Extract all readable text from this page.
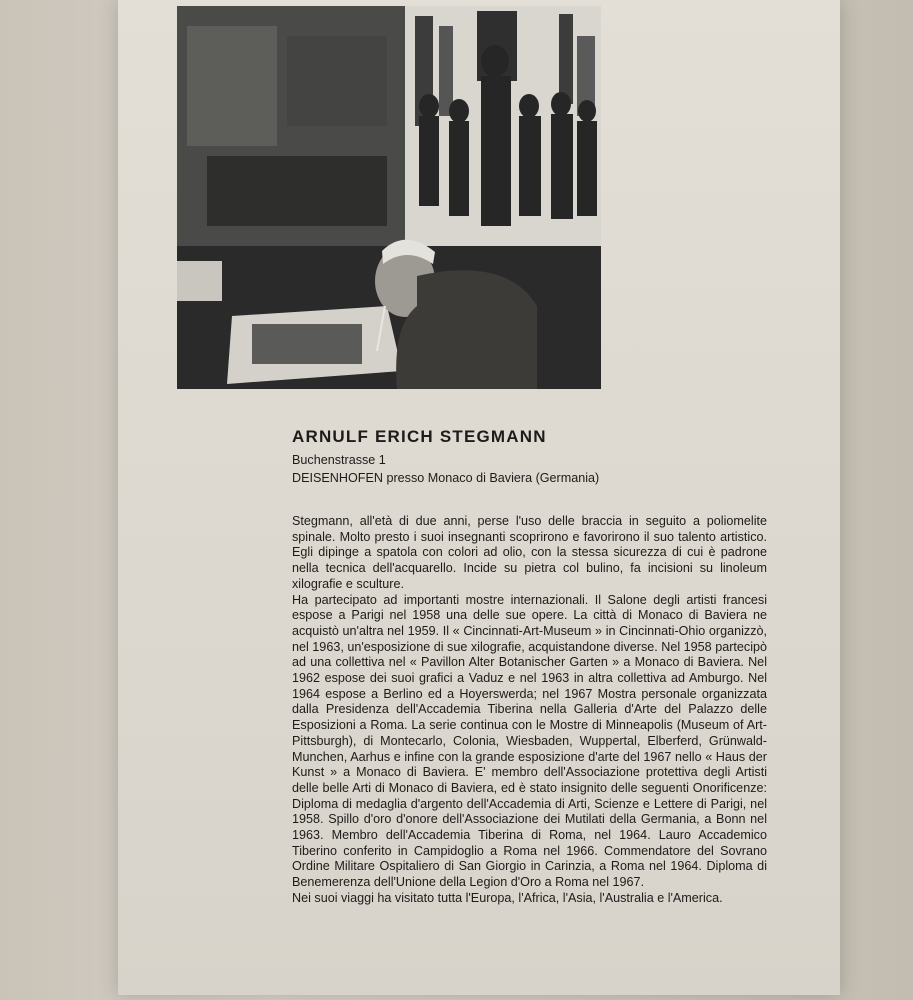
ARNULF ERICH STEGMANN

Buchenstrasse 1

DEISENHOFEN presso Monaco di Baviera (Germania)

Stegmann, all'età di due anni, perse l'uso delle braccia in seguito a poliomelite spinale. Molto presto i suoi insegnanti scoprirono e favorirono il suo talento artistico. Egli dipinge a spatola con colori ad olio, con la stessa sicurezza di cui è padrone nella tecnica dell'acquarello. Incide su pietra col bulino, fa incisioni su linoleum xilografie e sculture.

Ha partecipato ad importanti mostre internazionali. Il Salone degli artisti francesi espose a Parigi nel 1958 una delle sue opere. La città di Monaco di Baviera ne acquistò un'altra nel 1959. Il « Cincinnati-Art-Museum » in Cincinnati-Ohio organizzò, nel 1963, un'esposizione di sue xilografie, acquistandone diverse. Nel 1958 partecipò ad una collettiva nel « Pavillon Alter Botanischer Garten » a Monaco di Baviera. Nel 1962 espose dei suoi grafici a Vaduz e nel 1963 in altra collettiva ad Amburgo. Nel 1964 espose a Berlino ed a Hoyerswerda; nel 1967 Mostra personale organizzata dalla Presidenza dell'Accademia Tiberina nella Galleria d'Arte del Palazzo delle Esposizioni a Roma. La serie continua con le Mostre di Minneapolis (Museum of Art-Pittsburgh), di Montecarlo, Colonia, Wiesbaden, Wuppertal, Elberferd, Grünwald-Munchen, Aarhus e infine con la grande esposizione d'arte del 1967 nello « Haus der Kunst » a Monaco di Baviera. E' membro dell'Associazione protettiva degli Artisti delle belle Arti di Monaco di Baviera, ed è stato insignito delle seguenti Onorificenze: Diploma di medaglia d'argento dell'Accademia di Arti, Scienze e Lettere di Parigi, nel 1958. Spillo d'oro d'onore dell'Associazione dei Mutilati della Germania, a Bonn nel 1963. Membro dell'Accademia Tiberina di Roma, nel 1964. Lauro Accademico Tiberino conferito in Campidoglio a Roma nel 1966. Commendatore del Sovrano Ordine Militare Ospitaliero di San Giorgio in Carinzia, a Roma nel 1964. Diploma di Benemerenza dell'Unione della Legion d'Oro a Roma nel 1967.

Nei suoi viaggi ha visitato tutta l'Europa, l'Africa, l'Asia, l'Australia e l'America.
